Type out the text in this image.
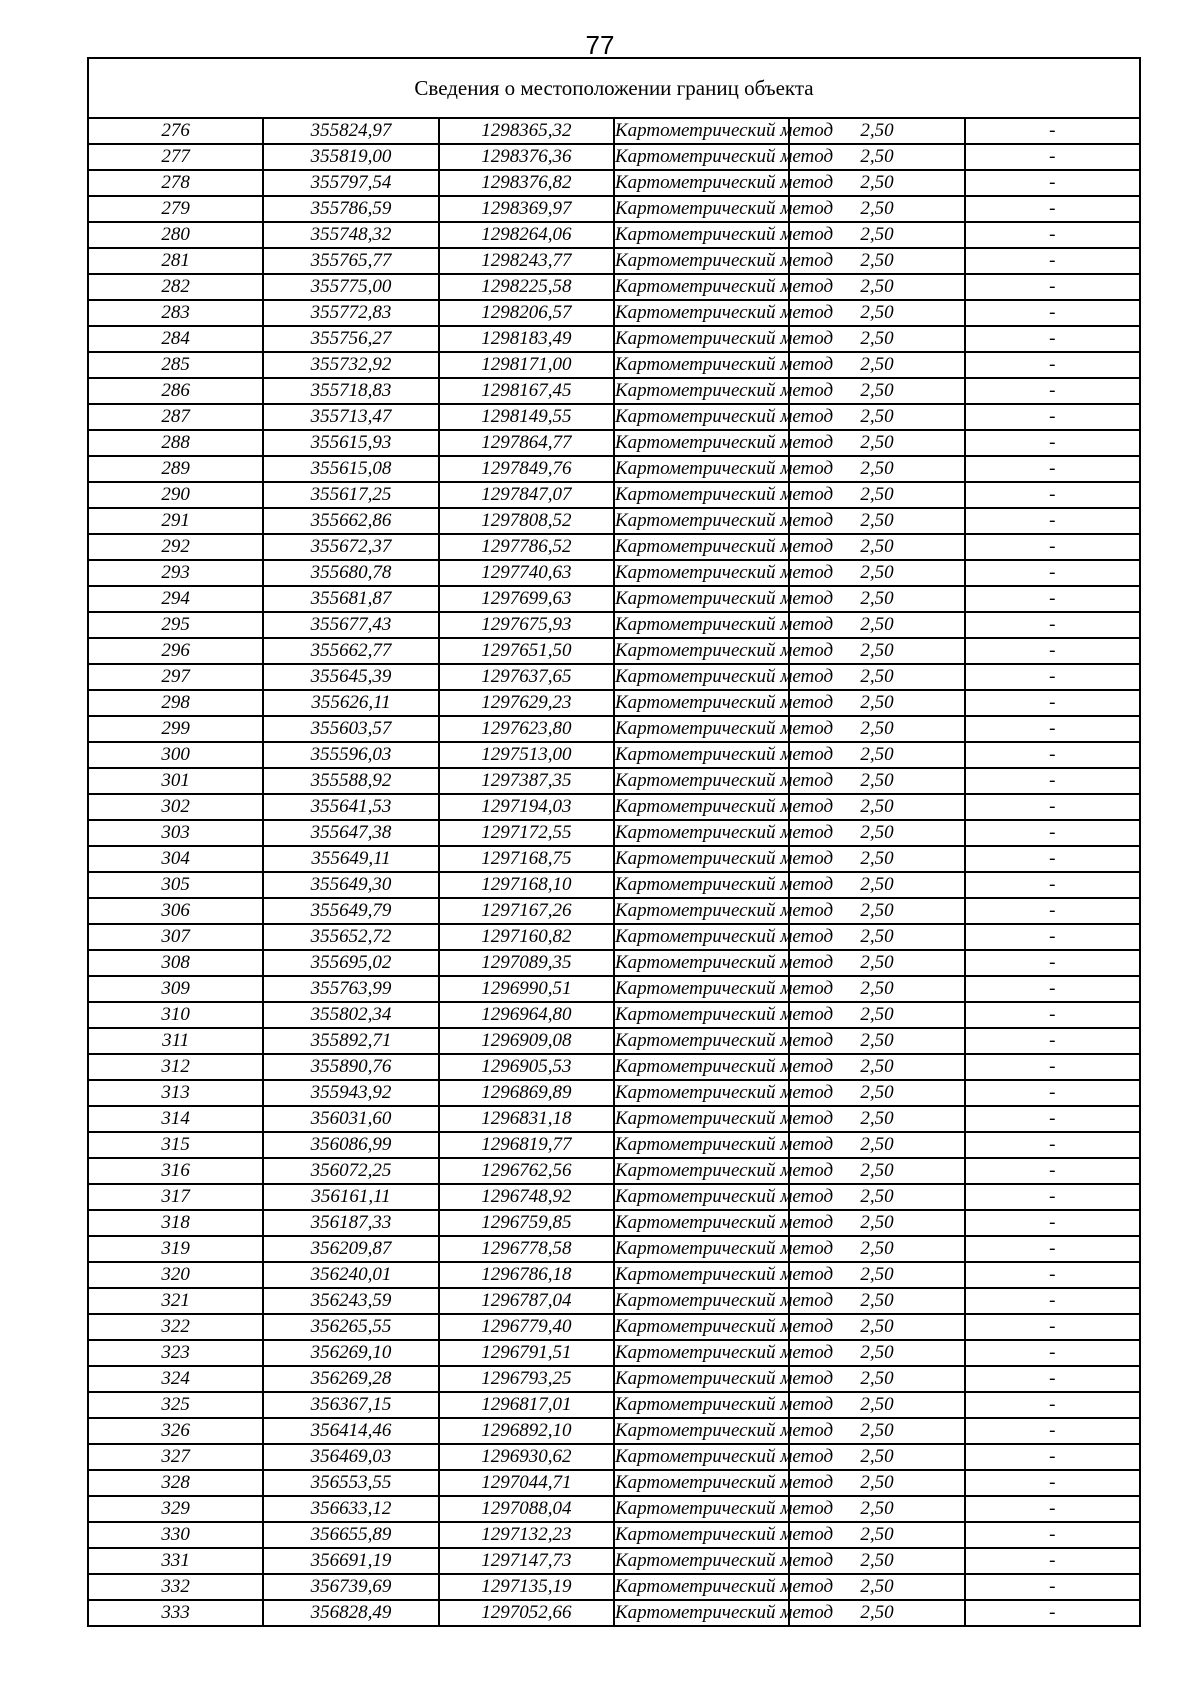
77
Сведения о местоположении границ объекта					
276	355824,97	1298365,32	Картометрический метод	2,50	-
277	355819,00	1298376,36	Картометрический метод	2,50	-
278	355797,54	1298376,82	Картометрический метод	2,50	-
279	355786,59	1298369,97	Картометрический метод	2,50	-
280	355748,32	1298264,06	Картометрический метод	2,50	-
281	355765,77	1298243,77	Картометрический метод	2,50	-
282	355775,00	1298225,58	Картометрический метод	2,50	-
283	355772,83	1298206,57	Картометрический метод	2,50	-
284	355756,27	1298183,49	Картометрический метод	2,50	-
285	355732,92	1298171,00	Картометрический метод	2,50	-
286	355718,83	1298167,45	Картометрический метод	2,50	-
287	355713,47	1298149,55	Картометрический метод	2,50	-
288	355615,93	1297864,77	Картометрический метод	2,50	-
289	355615,08	1297849,76	Картометрический метод	2,50	-
290	355617,25	1297847,07	Картометрический метод	2,50	-
291	355662,86	1297808,52	Картометрический метод	2,50	-
292	355672,37	1297786,52	Картометрический метод	2,50	-
293	355680,78	1297740,63	Картометрический метод	2,50	-
294	355681,87	1297699,63	Картометрический метод	2,50	-
295	355677,43	1297675,93	Картометрический метод	2,50	-
296	355662,77	1297651,50	Картометрический метод	2,50	-
297	355645,39	1297637,65	Картометрический метод	2,50	-
298	355626,11	1297629,23	Картометрический метод	2,50	-
299	355603,57	1297623,80	Картометрический метод	2,50	-
300	355596,03	1297513,00	Картометрический метод	2,50	-
301	355588,92	1297387,35	Картометрический метод	2,50	-
302	355641,53	1297194,03	Картометрический метод	2,50	-
303	355647,38	1297172,55	Картометрический метод	2,50	-
304	355649,11	1297168,75	Картометрический метод	2,50	-
305	355649,30	1297168,10	Картометрический метод	2,50	-
306	355649,79	1297167,26	Картометрический метод	2,50	-
307	355652,72	1297160,82	Картометрический метод	2,50	-
308	355695,02	1297089,35	Картометрический метод	2,50	-
309	355763,99	1296990,51	Картометрический метод	2,50	-
310	355802,34	1296964,80	Картометрический метод	2,50	-
311	355892,71	1296909,08	Картометрический метод	2,50	-
312	355890,76	1296905,53	Картометрический метод	2,50	-
313	355943,92	1296869,89	Картометрический метод	2,50	-
314	356031,60	1296831,18	Картометрический метод	2,50	-
315	356086,99	1296819,77	Картометрический метод	2,50	-
316	356072,25	1296762,56	Картометрический метод	2,50	-
317	356161,11	1296748,92	Картометрический метод	2,50	-
318	356187,33	1296759,85	Картометрический метод	2,50	-
319	356209,87	1296778,58	Картометрический метод	2,50	-
320	356240,01	1296786,18	Картометрический метод	2,50	-
321	356243,59	1296787,04	Картометрический метод	2,50	-
322	356265,55	1296779,40	Картометрический метод	2,50	-
323	356269,10	1296791,51	Картометрический метод	2,50	-
324	356269,28	1296793,25	Картометрический метод	2,50	-
325	356367,15	1296817,01	Картометрический метод	2,50	-
326	356414,46	1296892,10	Картометрический метод	2,50	-
327	356469,03	1296930,62	Картометрический метод	2,50	-
328	356553,55	1297044,71	Картометрический метод	2,50	-
329	356633,12	1297088,04	Картометрический метод	2,50	-
330	356655,89	1297132,23	Картометрический метод	2,50	-
331	356691,19	1297147,73	Картометрический метод	2,50	-
332	356739,69	1297135,19	Картометрический метод	2,50	-
333	356828,49	1297052,66	Картометрический метод	2,50	-
